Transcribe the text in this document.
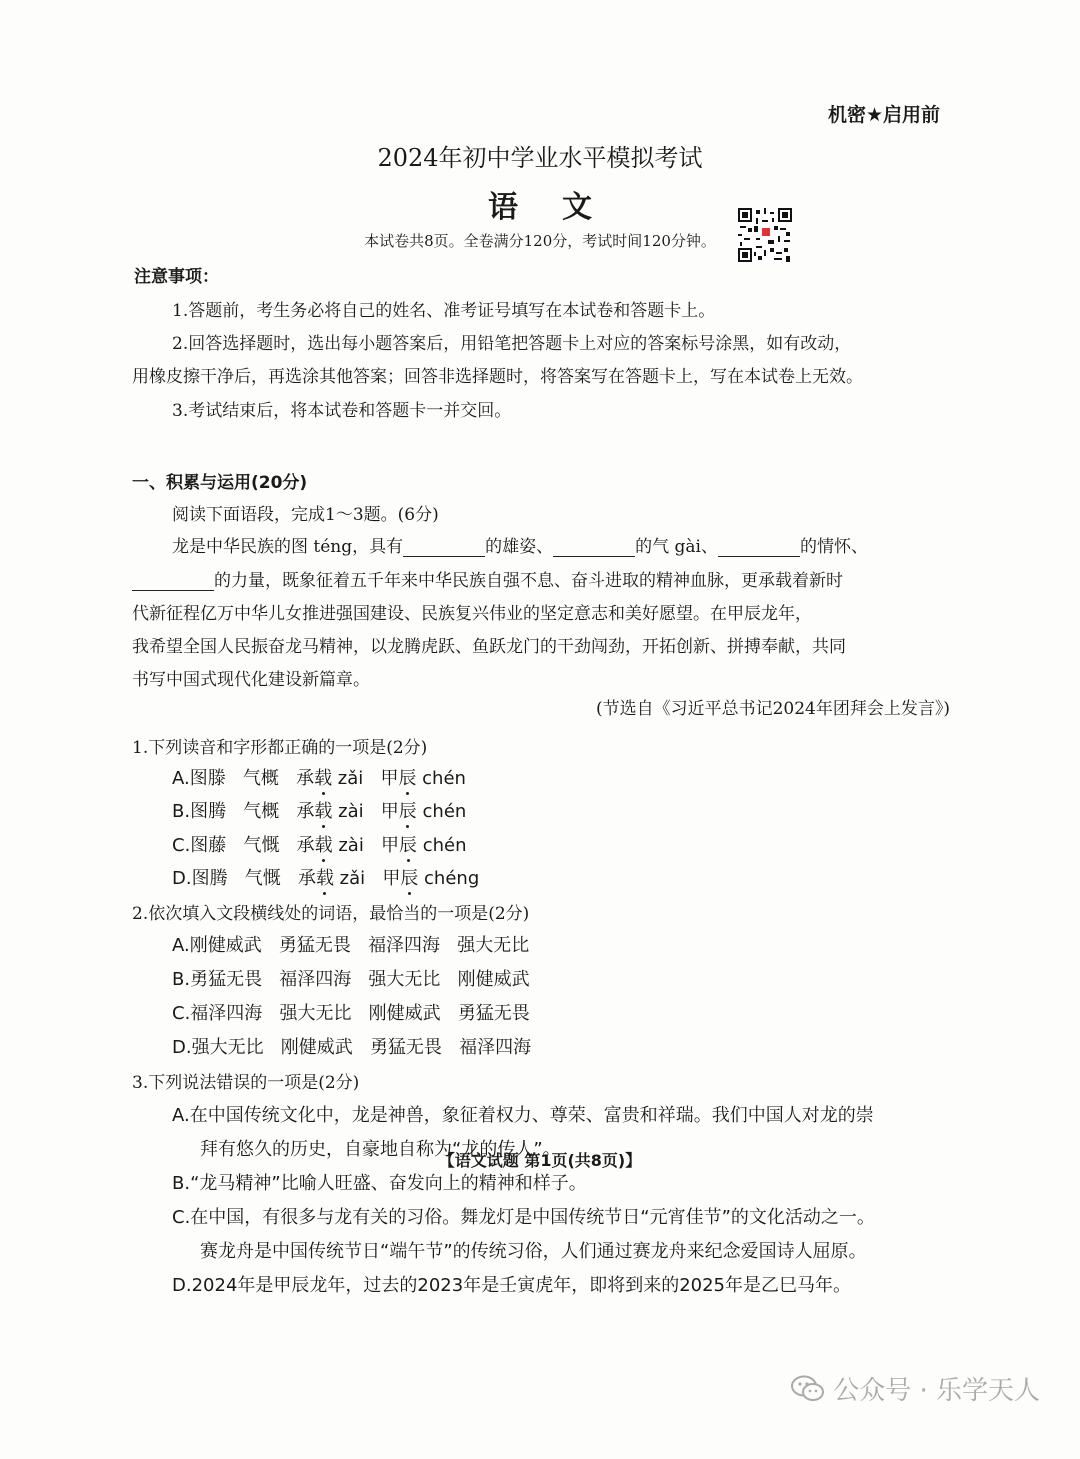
机密★启用前
2024年初中学业水平模拟考试
语文
本试卷共8页。全卷满分120分，考试时间120分钟。
注意事项：
1.答题前，考生务必将自己的姓名、准考证号填写在本试卷和答题卡上。
2.回答选择题时，选出每小题答案后，用铅笔把答题卡上对应的答案标号涂黑，如有改动，
用橡皮擦干净后，再选涂其他答案；回答非选择题时，将答案写在答题卡上，写在本试卷上无效。
3.考试结束后，将本试卷和答题卡一并交回。
一、积累与运用(20分)
阅读下面语段，完成1～3题。(6分)
龙是中华民族的图 téng，具有	的雄姿、	的气 gài、	的情怀、
的力量，既象征着五千年来中华民族自强不息、奋斗进取的精神血脉，更承载着新时
代新征程亿万中华儿女推进强国建设、民族复兴伟业的坚定意志和美好愿望。在甲辰龙年，
我希望全国人民振奋龙马精神，以龙腾虎跃、鱼跃龙门的干劲闯劲，开拓创新、拼搏奉献，共同
书写中国式现代化建设新篇章。
(节选自《习近平总书记2024年团拜会上发言》)
1.下列读音和字形都正确的一项是(2分)
A.图滕 气概 承载 zǎi 甲辰 chén
B.图腾 气概 承载 zài 甲辰 chén
C.图藤 气慨 承载 zài 甲辰 chén
D.图腾 气慨 承载 zǎi 甲辰 chéng
2.依次填入文段横线处的词语，最恰当的一项是(2分)
A.刚健威武 勇猛无畏 福泽四海 强大无比
B.勇猛无畏 福泽四海 强大无比 刚健威武
C.福泽四海 强大无比 刚健威武 勇猛无畏
D.强大无比 刚健威武 勇猛无畏 福泽四海
3.下列说法错误的一项是(2分)
A.在中国传统文化中，龙是神兽，象征着权力、尊荣、富贵和祥瑞。我们中国人对龙的崇
拜有悠久的历史，自豪地自称为“龙的传人”。
B.“龙马精神”比喻人旺盛、奋发向上的精神和样子。
C.在中国，有很多与龙有关的习俗。舞龙灯是中国传统节日“元宵佳节”的文化活动之一。
赛龙舟是中国传统节日“端午节”的传统习俗，人们通过赛龙舟来纪念爱国诗人屈原。
D.2024年是甲辰龙年，过去的2023年是壬寅虎年，即将到来的2025年是乙巳马年。
【语文试题 第1页(共8页)】
公众号 · 乐学天人
